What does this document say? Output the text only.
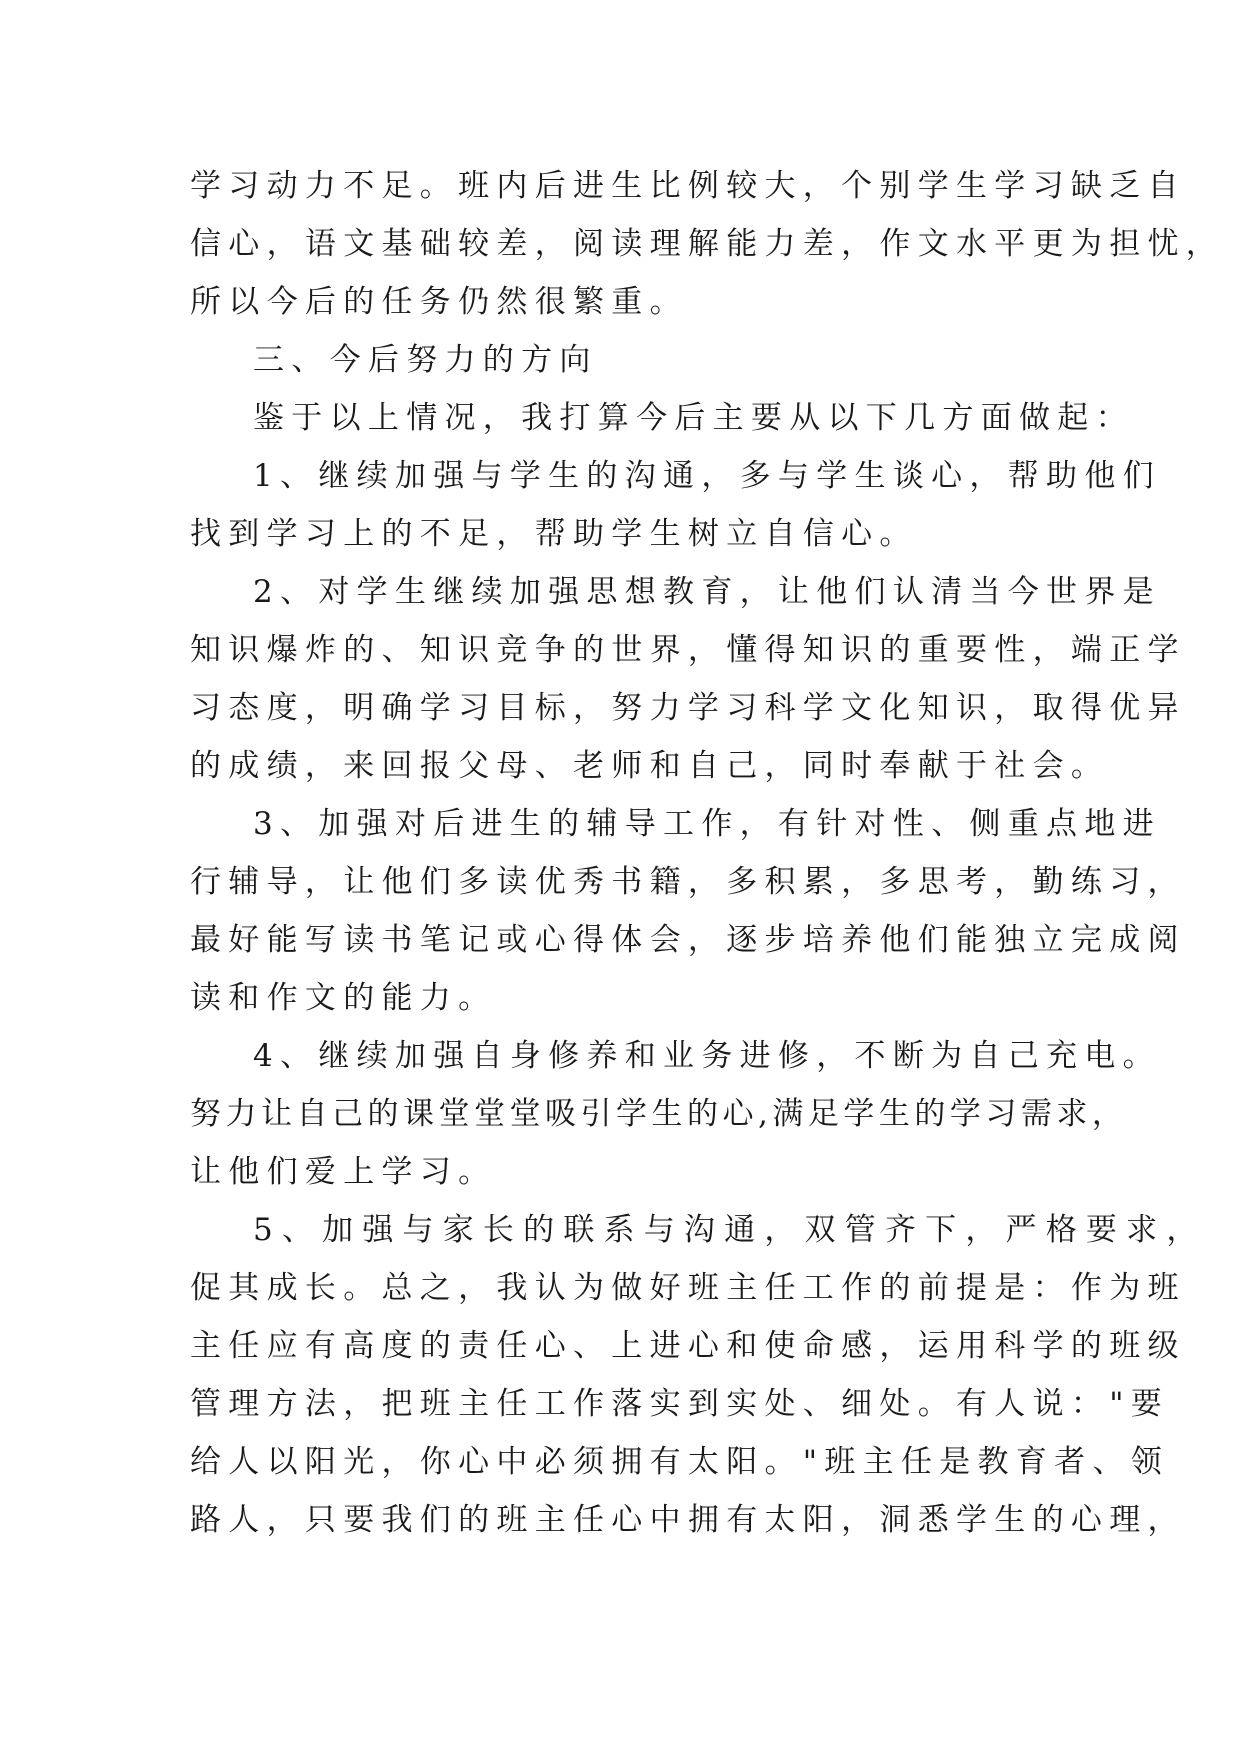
学习动力不足。班内后进生比例较大，个别学生学习缺乏自
信心，语文基础较差，阅读理解能力差，作文水平更为担忧，
所以今后的任务仍然很繁重。
三、今后努力的方向
鉴于以上情况，我打算今后主要从以下几方面做起：
1、继续加强与学生的沟通，多与学生谈心，帮助他们
找到学习上的不足，帮助学生树立自信心。
2、对学生继续加强思想教育，让他们认清当今世界是
知识爆炸的、知识竞争的世界，懂得知识的重要性，端正学
习态度，明确学习目标，努力学习科学文化知识，取得优异
的成绩，来回报父母、老师和自己，同时奉献于社会。
3、加强对后进生的辅导工作，有针对性、侧重点地进
行辅导，让他们多读优秀书籍，多积累，多思考，勤练习，
最好能写读书笔记或心得体会，逐步培养他们能独立完成阅
读和作文的能力。
4、继续加强自身修养和业务进修，不断为自己充电。
努力让自己的课堂堂堂吸引学生的心,满足学生的学习需求，
让他们爱上学习。
5、加强与家长的联系与沟通，双管齐下，严格要求，
促其成长。总之，我认为做好班主任工作的前提是：作为班
主任应有高度的责任心、上进心和使命感，运用科学的班级
管理方法，把班主任工作落实到实处、细处。有人说："要
给人以阳光，你心中必须拥有太阳。"班主任是教育者、领
路人，只要我们的班主任心中拥有太阳，洞悉学生的心理，
